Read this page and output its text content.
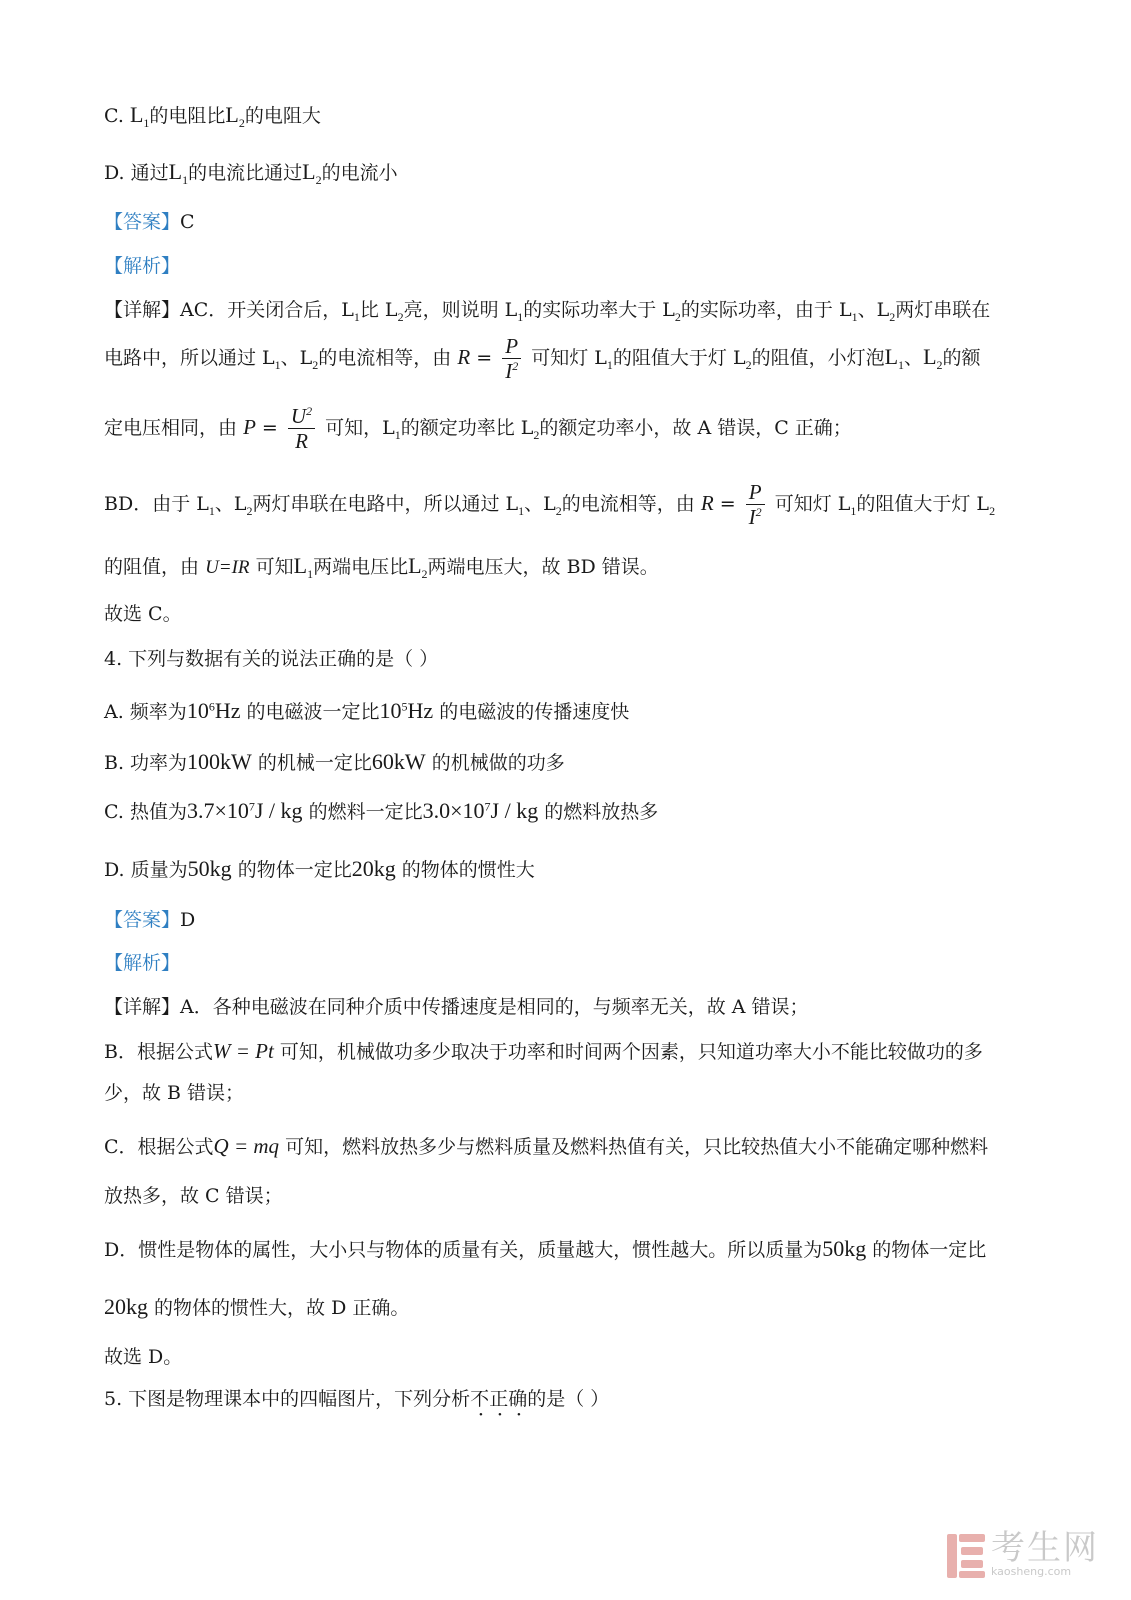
C. $L_1$的电阻比$L_2$的电阻大
D. 通过$L_1$的电流比通过$L_2$的电流小
【答案】C
【解析】
【详解】AC．开关闭合后，$L_1$比 $L_2$亮，则说明 $L_1$的实际功率大于 $L_2$的实际功率，由于 $L_1$、$L_2$两灯串联在
电路中，所以通过 $L_1$、$L_2$的电流相等，由 $R = \frac{P}{I^2}$ 可知灯 $L_1$的阻值大于灯 $L_2$的阻值，小灯泡$L_1$、$L_2$的额
定电压相同，由 $P = \frac{U^2}{R}$ 可知，$L_1$的额定功率比 $L_2$的额定功率小，故 A 错误，C 正确；
BD．由于 $L_1$、$L_2$两灯串联在电路中，所以通过 $L_1$、$L_2$的电流相等，由 $R = \frac{P}{I^2}$ 可知灯 $L_1$的阻值大于灯 $L_2$
的阻值，由 U=IR 可知$L_1$两端电压比$L_2$两端电压大，故 BD 错误。
故选 C。
4. 下列与数据有关的说法正确的是（ ）
A. 频率为$10^6Hz$ 的电磁波一定比$10^5Hz$ 的电磁波的传播速度快
B. 功率为100kW 的机械一定比60kW 的机械做的功多
C. 热值为$3.7\times 10^7J$ / kg 的燃料一定比$3.0\times 10^7J$ / kg 的燃料放热多
D. 质量为50kg 的物体一定比20kg 的物体的惯性大
【答案】D
【解析】
【详解】A．各种电磁波在同种介质中传播速度是相同的，与频率无关，故 A 错误；
B．根据公式W = Pt 可知，机械做功多少取决于功率和时间两个因素，只知道功率大小不能比较做功的多
少，故 B 错误；
C．根据公式Q = mq 可知，燃料放热多少与燃料质量及燃料热值有关，只比较热值大小不能确定哪种燃料
放热多，故 C 错误；
D．惯性是物体的属性，大小只与物体的质量有关，质量越大，惯性越大。所以质量为50kg 的物体一定比
20kg 的物体的惯性大，故 D 正确。
故选 D。
5. 下图是物理课本中的四幅图片，下列分析不正确的是（ ）
考生网
kaosheng.com
